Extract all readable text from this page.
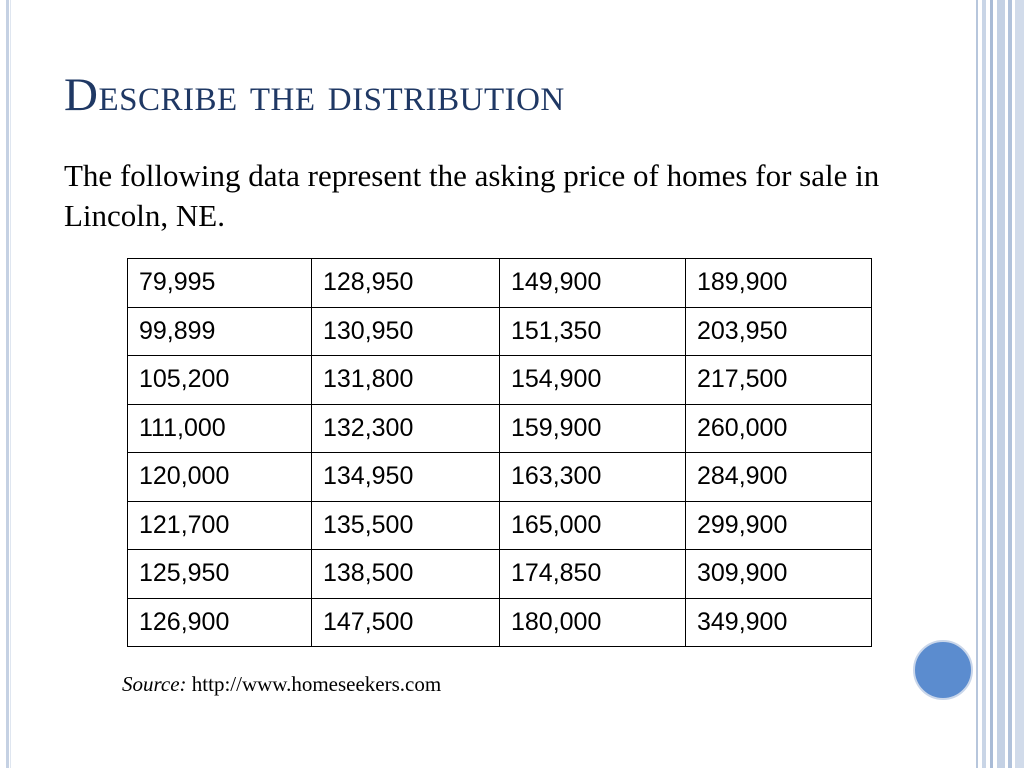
Describe the distribution

The following data represent the asking price of homes for sale in Lincoln, NE.

79,995	128,950	149,900	189,900
99,899	130,950	151,350	203,950
105,200	131,800	154,900	217,500
111,000	132,300	159,900	260,000
120,000	134,950	163,300	284,900
121,700	135,500	165,000	299,900
125,950	138,500	174,850	309,900
126,900	147,500	180,000	349,900
Source: http://www.homeseekers.com
